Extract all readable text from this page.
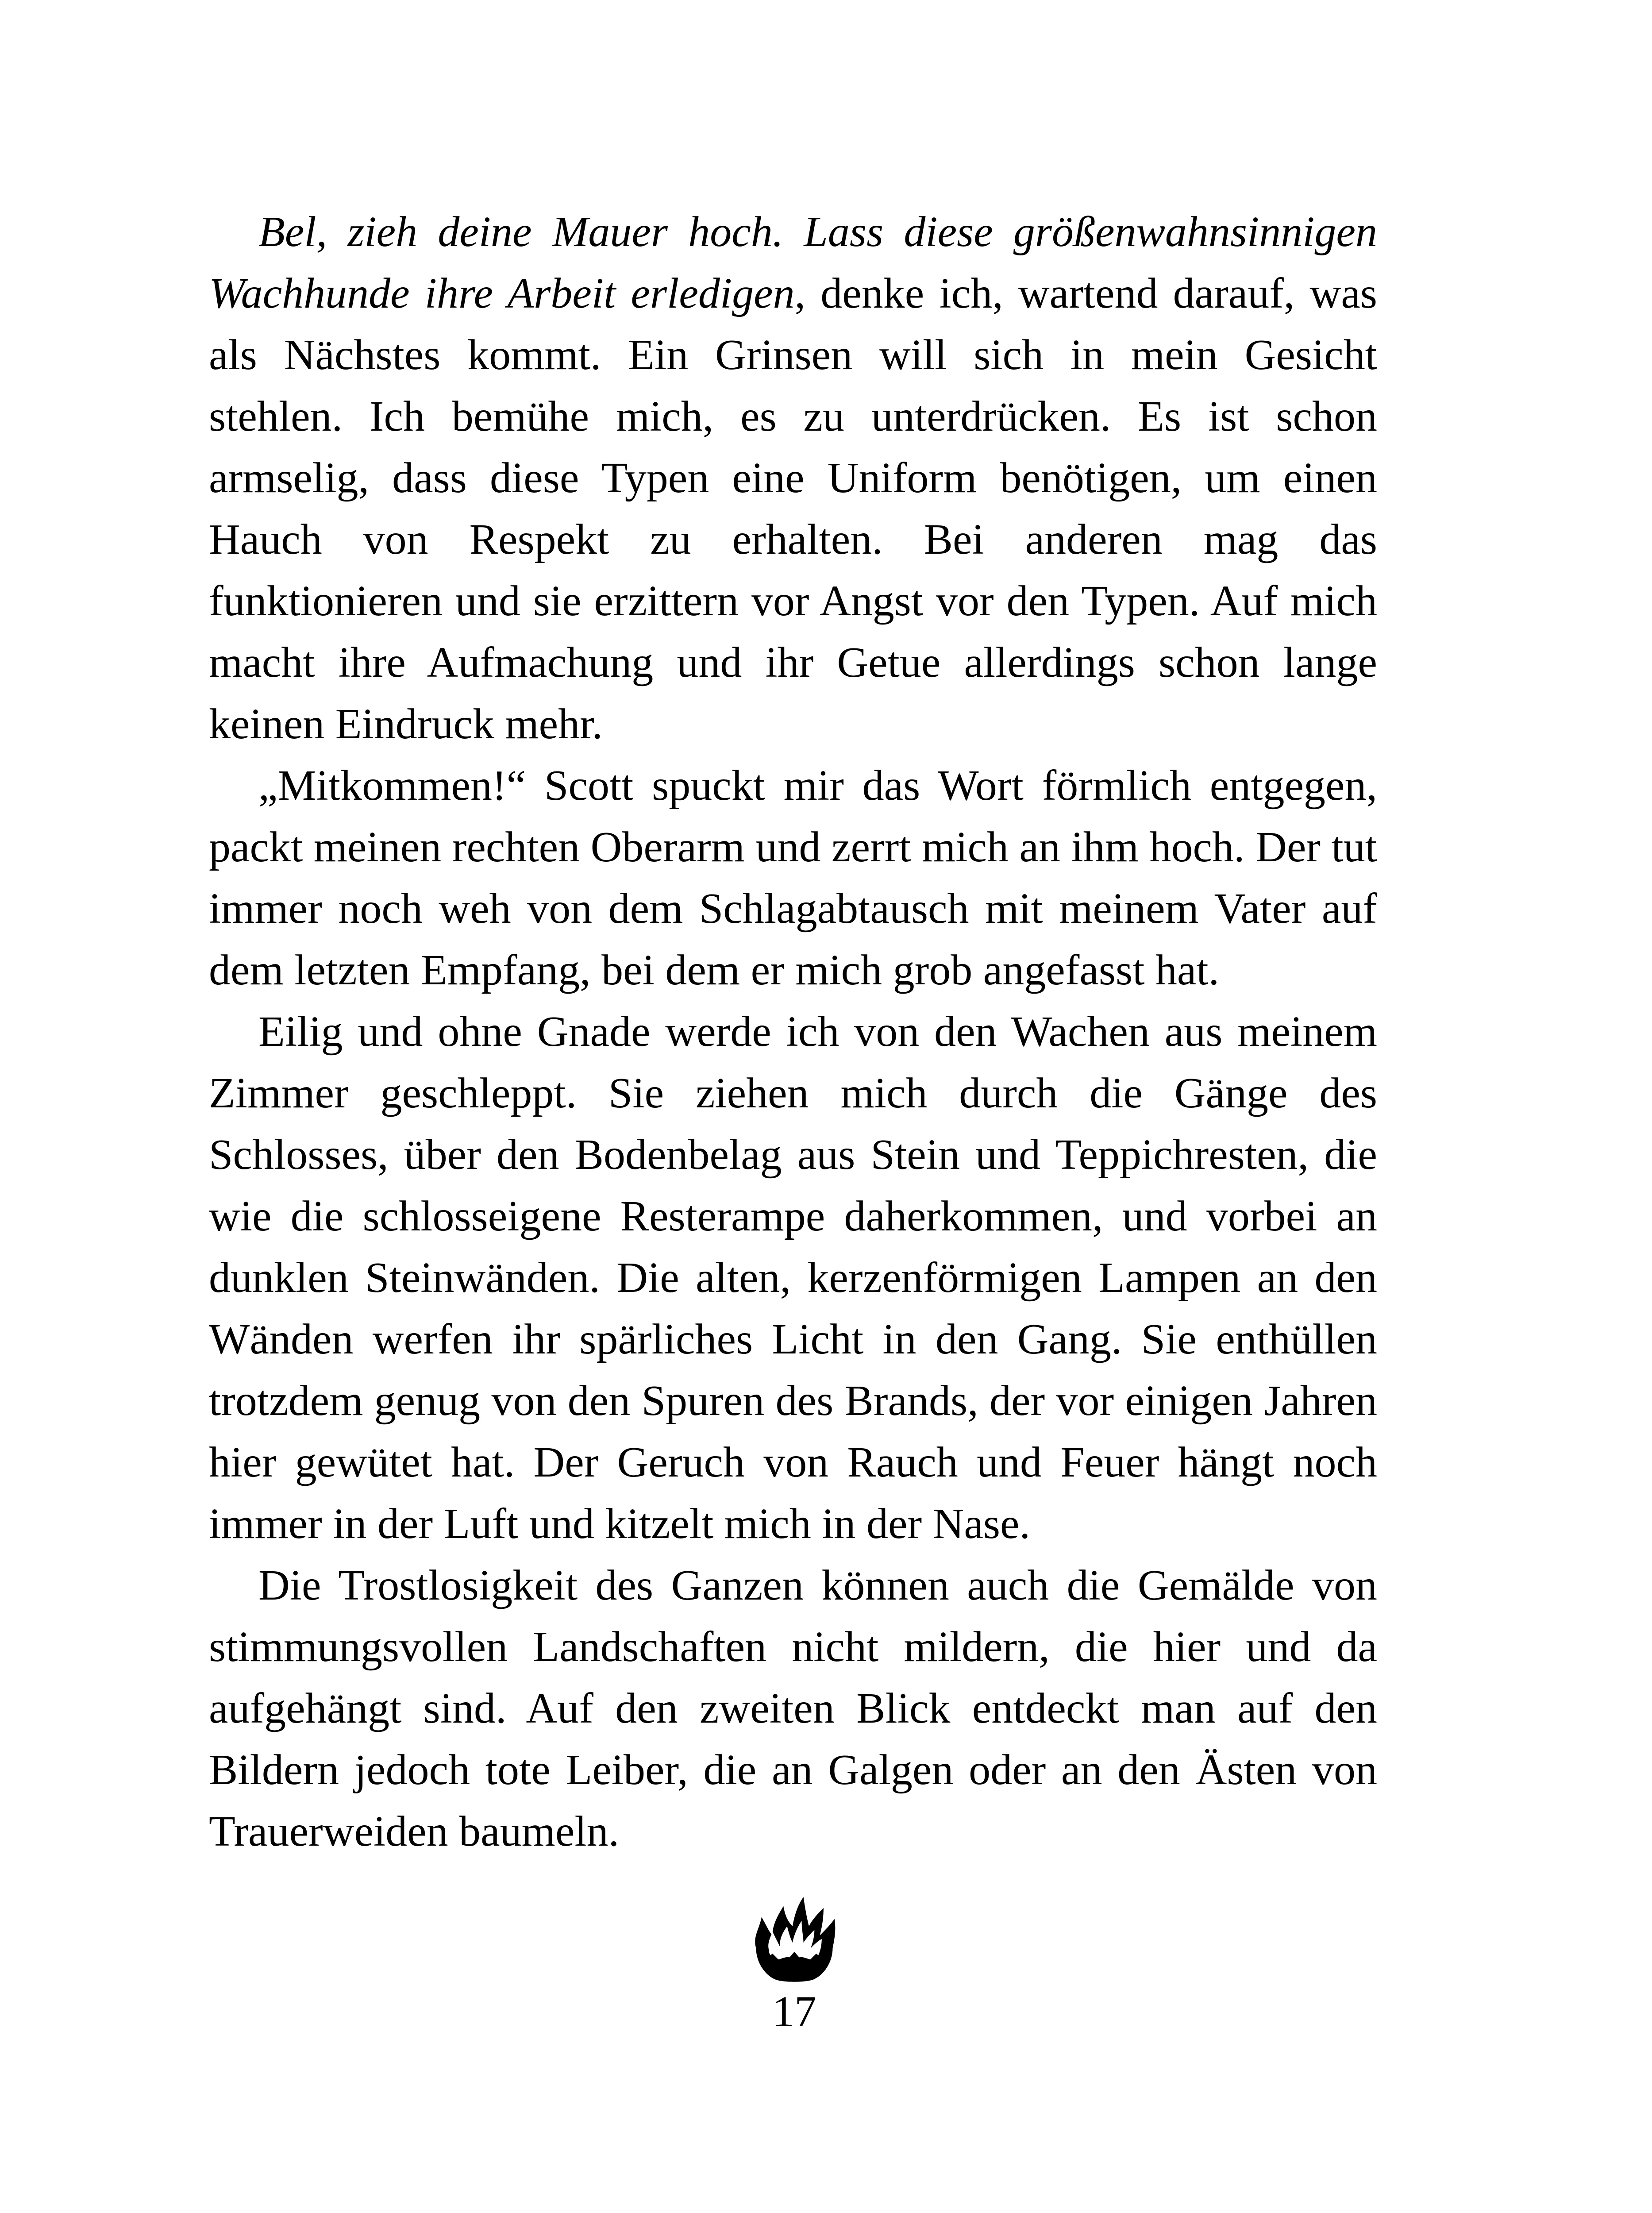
Bel, zieh deine Mauer hoch. Lass diese größenwahnsinnigen Wachhunde ihre Arbeit erledigen, denke ich, wartend darauf, was als Nächstes kommt. Ein Grinsen will sich in mein Gesicht stehlen. Ich bemühe mich, es zu unterdrücken. Es ist schon armselig, dass diese Typen eine Uniform benötigen, um einen Hauch von Respekt zu erhalten. Bei anderen mag das funktionieren und sie erzittern vor Angst vor den Typen. Auf mich macht ihre Aufmachung und ihr Getue allerdings schon lange keinen Eindruck mehr.

„Mitkommen!“ Scott spuckt mir das Wort förmlich entgegen, packt meinen rechten Oberarm und zerrt mich an ihm hoch. Der tut immer noch weh von dem Schlagabtausch mit meinem Vater auf dem letzten Empfang, bei dem er mich grob angefasst hat.

Eilig und ohne Gnade werde ich von den Wachen aus meinem Zimmer geschleppt. Sie ziehen mich durch die Gänge des Schlosses, über den Bodenbelag aus Stein und Teppichresten, die wie die schlosseigene Resterampe daherkommen, und vorbei an dunklen Steinwänden. Die alten, kerzenförmigen Lampen an den Wänden werfen ihr spärliches Licht in den Gang. Sie enthüllen trotzdem genug von den Spuren des Brands, der vor einigen Jahren hier gewütet hat. Der Geruch von Rauch und Feuer hängt noch immer in der Luft und kitzelt mich in der Nase.

Die Trostlosigkeit des Ganzen können auch die Gemälde von stimmungsvollen Landschaften nicht mildern, die hier und da aufgehängt sind. Auf den zweiten Blick entdeckt man auf den Bildern jedoch tote Leiber, die an Galgen oder an den Ästen von Trauerweiden baumeln.

17
